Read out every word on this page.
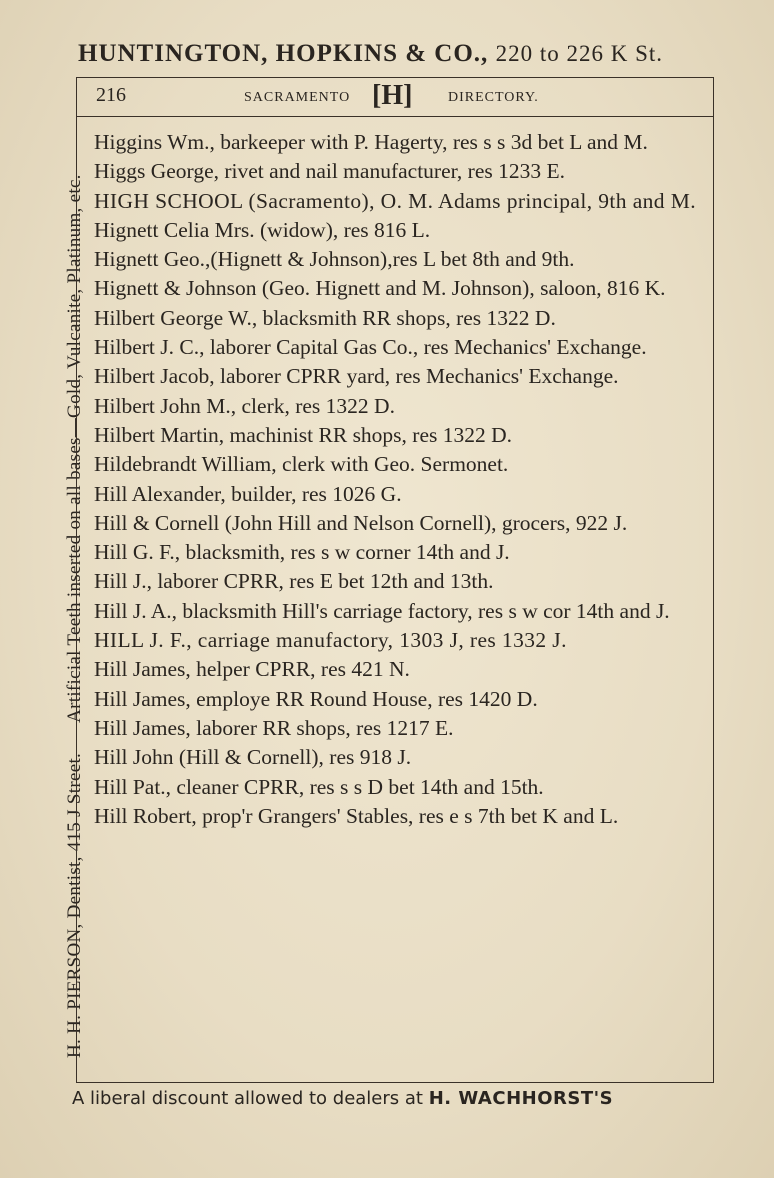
HUNTINGTON, HOPKINS & CO., 220 to 226 K St.
H. H. PIERSON, Dentist, 415 J Street. Artificial Teeth inserted on all bases—Gold, Vulcanite, Platinum, etc.
216	SACRAMENTO [H]	DIRECTORY.
Higgins Wm., barkeeper with P. Hagerty, res s s 3d bet L and M.
Higgs George, rivet and nail manufacturer, res 1233 E.
HIGH SCHOOL (Sacramento), O. M. Adams principal, 9th and M.
Hignett Celia Mrs. (widow), res 816 L.
Hignett Geo.,(Hignett & Johnson),res L bet 8th and 9th.
Hignett & Johnson (Geo. Hignett and M. Johnson), saloon, 816 K.
Hilbert George W., blacksmith RR shops, res 1322 D.
Hilbert J. C., laborer Capital Gas Co., res Mechanics' Exchange.
Hilbert Jacob, laborer CPRR yard, res Mechanics' Exchange.
Hilbert John M., clerk, res 1322 D.
Hilbert Martin, machinist RR shops, res 1322 D.
Hildebrandt William, clerk with Geo. Sermonet.
Hill Alexander, builder, res 1026 G.
Hill & Cornell (John Hill and Nelson Cornell), grocers, 922 J.
Hill G. F., blacksmith, res s w corner 14th and J.
Hill J., laborer CPRR, res E bet 12th and 13th.
Hill J. A., blacksmith Hill's carriage factory, res s w cor 14th and J.
HILL J. F., carriage manufactory, 1303 J, res 1332 J.
Hill James, helper CPRR, res 421 N.
Hill James, employe RR Round House, res 1420 D.
Hill James, laborer RR shops, res 1217 E.
Hill John (Hill & Cornell), res 918 J.
Hill Pat., cleaner CPRR, res s s D bet 14th and 15th.
Hill Robert, prop'r Grangers' Stables, res e s 7th bet K and L.
A liberal discount allowed to dealers at H. WACHHORST'S
